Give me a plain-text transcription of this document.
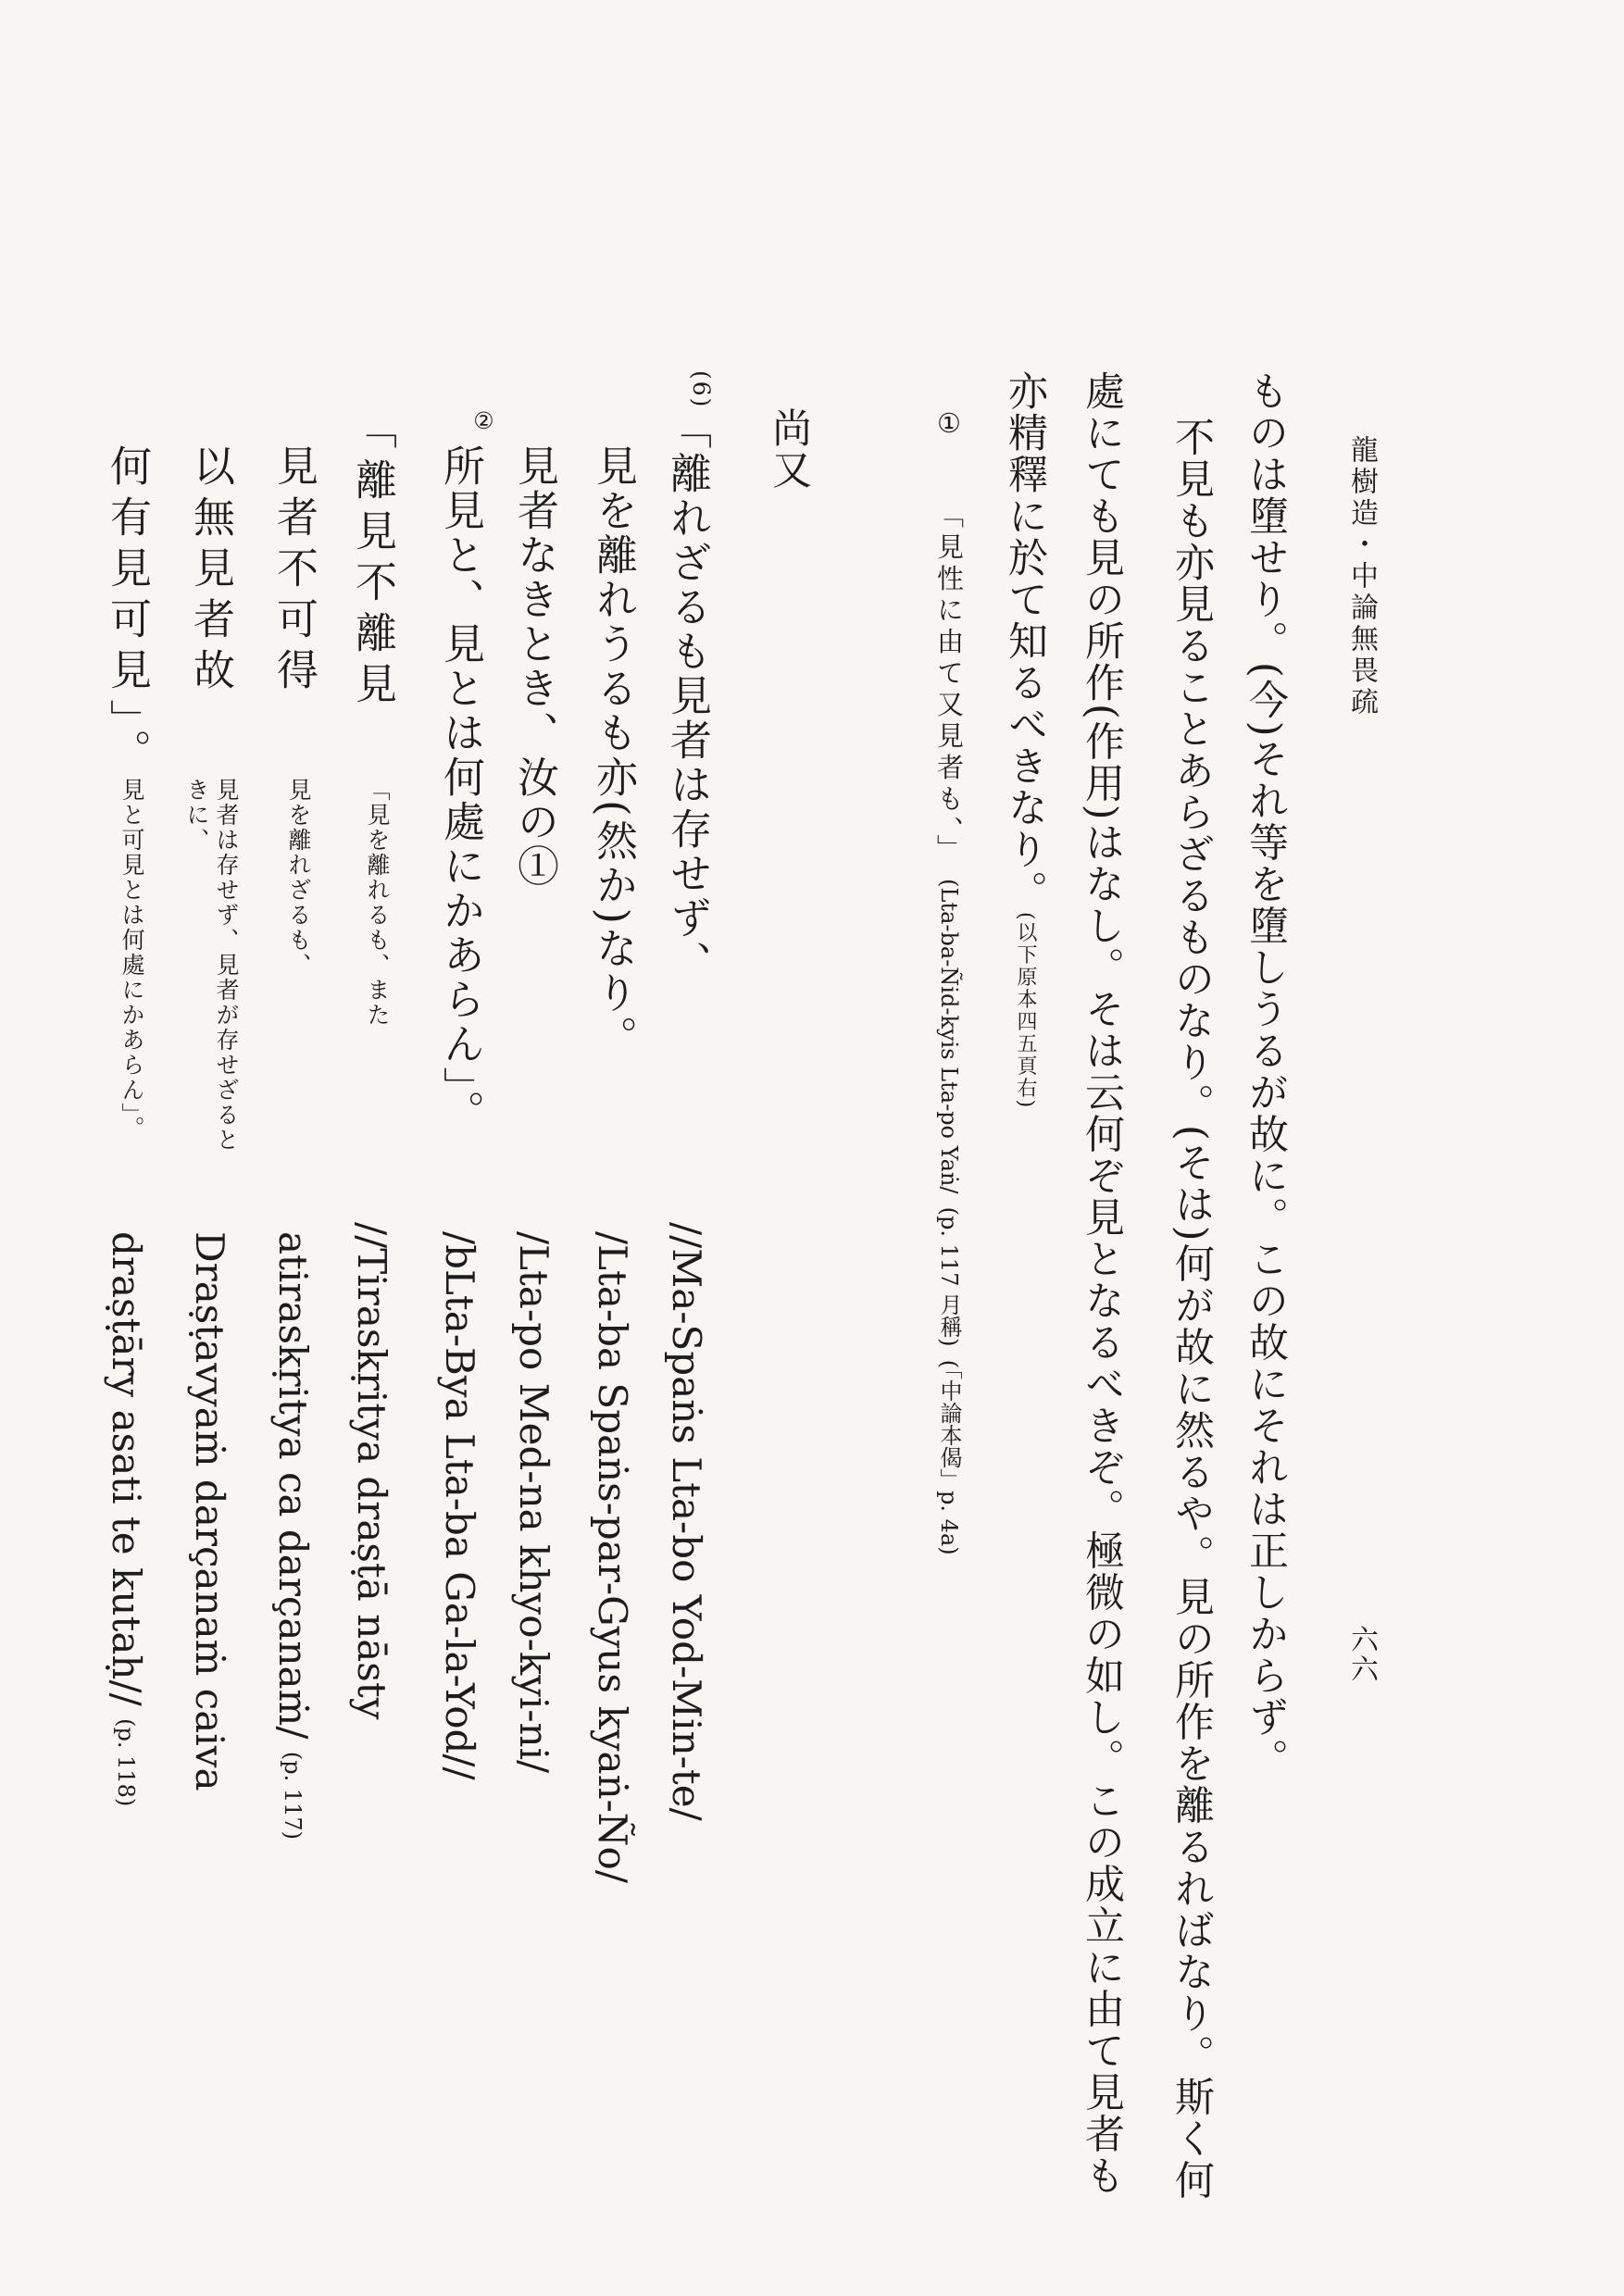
龍樹造・中論無畏疏
六六
ものは墮せり。(今)それ等を墮しうるが故に。この故にそれは正しからず。
不見も亦見ることあらざるものなり。(そは)何が故に然るや。見の所作を離るればなり。斯く何
處にても見の所作(作用)はなし。そは云何ぞ見となるべきぞ。極微の如し。この成立に由て見者も
亦精釋に於て知るべきなり。(以下原本四五頁右)
①  「見性に由て又見者も、」 (Lta-ba-Ñid-kyis Lta-po Yaṅ/ (p. 117 月稱) (「中論本偈」p. 4a)
尚又
(6)
「離れざるも見者は存せず、
見を離れうるも亦(然か)なり。
見者なきとき、汝の①
②
所見と、見とは何處にかあらん」。
「離見不離見
見者不可得
以無見者故
何有見可見」。
「見を離れるも、また
見を離れざるも、
見者は存せず、見者が存せざると
きに、
見と可見とは何處にかあらん」。
//Ma-Spaṅs Lta-bo Yod-Min-te/
/Lta-ba Spaṅs-par-Gyus kyaṅ-Ño/
/Lta-po Med-na khyo-kyi-ni/
/bLta-Bya Lta-ba Ga-la-Yod//
//Tiraskṛitya draṣṭā nāsty
atiraskṛitya ca darçanaṁ/ (p. 117)
Draṣṭavyaṁ darçanaṁ caiva
draṣṭāry asati te kutaḥ// (p. 118)
